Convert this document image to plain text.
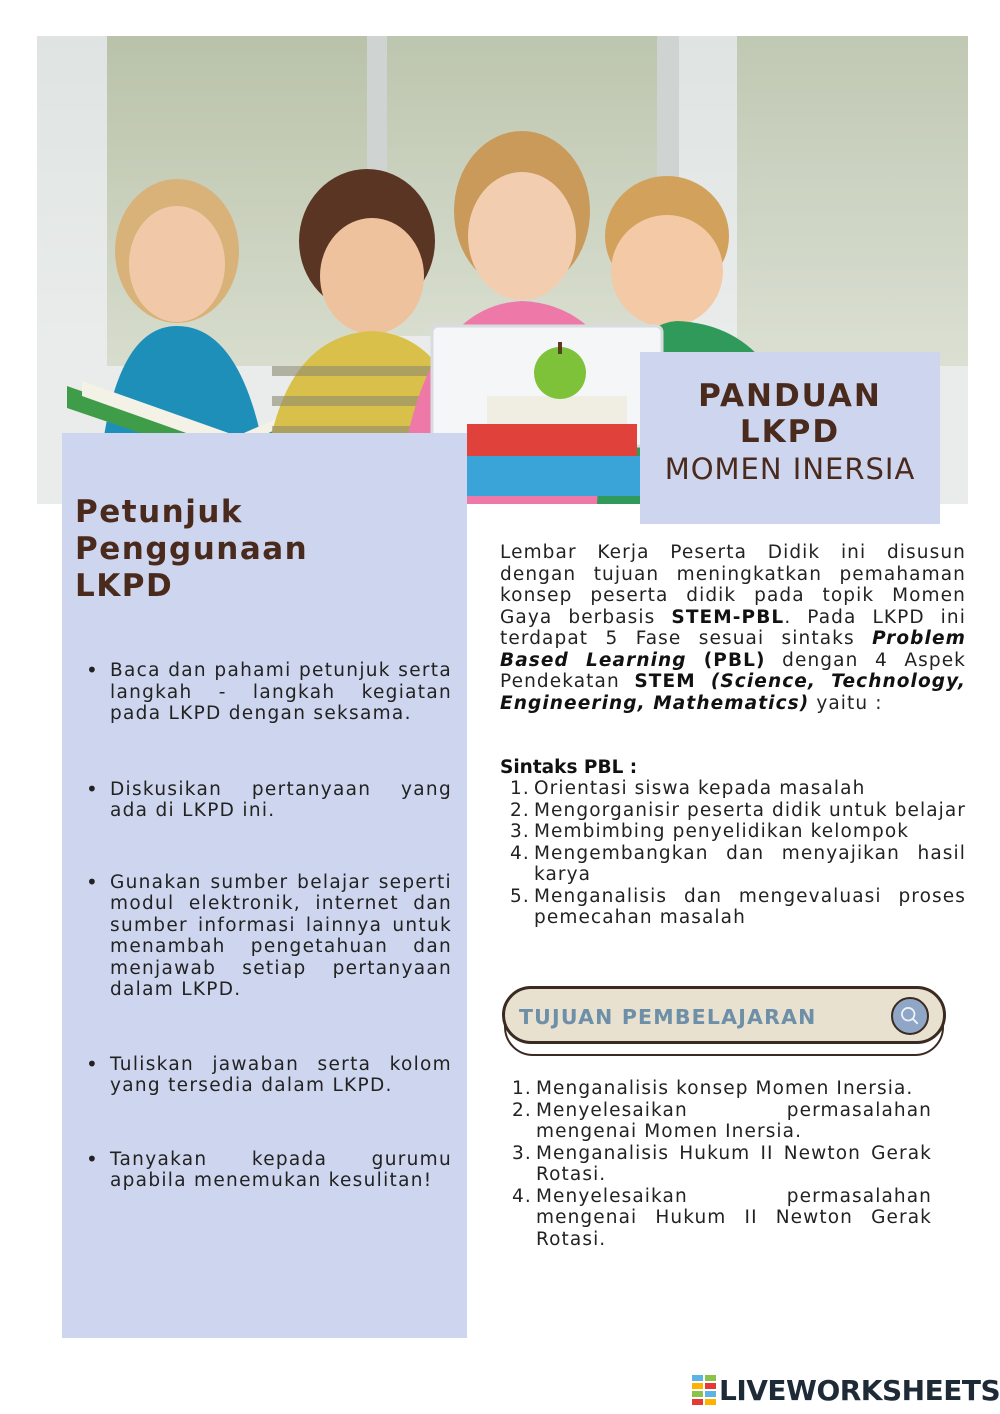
PANDUAN
LKPD
MOMEN INERSIA
Petunjuk
Penggunaan
LKPD
• Baca dan pahami petunjuk serta langkah - langkah kegiatan pada LKPD dengan seksama.
• Diskusikan pertanyaan yang ada di LKPD ini.
• Gunakan sumber belajar seperti modul elektronik, internet dan sumber informasi lainnya untuk menambah pengetahuan dan menjawab setiap pertanyaan dalam LKPD.
• Tuliskan jawaban serta kolom yang tersedia dalam LKPD.
• Tanyakan kepada gurumu apabila menemukan kesulitan!
Lembar Kerja Peserta Didik ini disusun dengan tujuan meningkatkan pemahaman konsep peserta didik pada topik Momen Gaya berbasis STEM-PBL. Pada LKPD ini terdapat 5 Fase sesuai sintaks Problem Based Learning (PBL) dengan 4 Aspek Pendekatan STEM (Science, Technology, Engineering, Mathematics) yaitu :
Sintaks PBL :
1. Orientasi siswa kepada masalah
2. Mengorganisir peserta didik untuk belajar
3. Membimbing penyelidikan kelompok
4. Mengembangkan dan menyajikan hasil karya
5. Menganalisis dan mengevaluasi proses pemecahan masalah
TUJUAN PEMBELAJARAN
1. Menganalisis konsep Momen Inersia.
2. Menyelesaikan permasalahan mengenai Momen Inersia.
3. Menganalisis Hukum II Newton Gerak Rotasi.
4. Menyelesaikan permasalahan mengenai Hukum II Newton Gerak Rotasi.
LIVEWORKSHEETS
